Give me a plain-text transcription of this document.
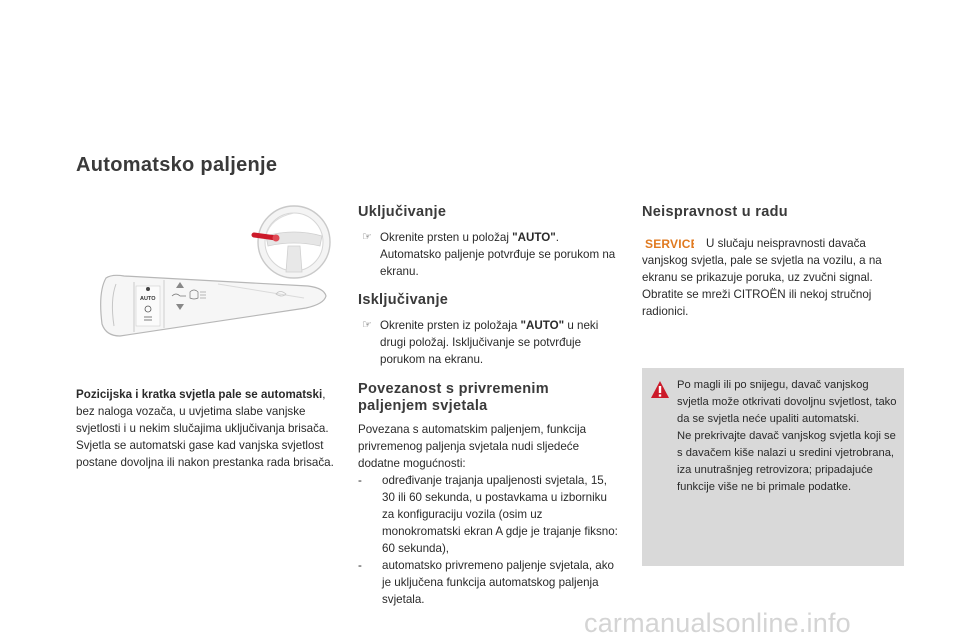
Automatsko paljenje
AUTO
Pozicijska i kratka svjetla pale se automatski, bez naloga vozača, u uvjetima slabe vanjske svjetlosti i u nekim slučajima uključivanja brisača.
Svjetla se automatski gase kad vanjska svjetlost postane dovoljna ili nakon prestanka rada brisača.
Uključivanje
☞ Okrenite prsten u položaj "AUTO". Automatsko paljenje potvrđuje se porukom na ekranu.
Isključivanje
☞ Okrenite prsten iz položaja "AUTO" u neki drugi položaj. Isključivanje se potvrđuje porukom na ekranu.
Povezanost s privremenim
paljenjem svjetala

Povezana s automatskim paljenjem, funkcija privremenog paljenja svjetala nudi sljedeće dodatne mogućnosti:

- određivanje trajanja upaljenosti svjetala, 15, 30 ili 60 sekunda, u postavkama u izborniku za konfiguraciju vozila (osim uz monokromatski ekran A gdje je trajanje fiksno: 60 sekunda),
- automatsko privremeno paljenje svjetala, ako je uključena funkcija automatskog paljenja svjetala.
Neispravnost u radu
SERVICE U slučaju neispravnosti davača vanjskog svjetla, pale se svjetla na vozilu, a na ekranu se prikazuje poruka, uz zvučni signal.
Obratite se mreži CITROËN ili nekoj stručnoj radionici.

Po magli ili po snijegu, davač vanjskog svjetla može otkrivati dovoljnu svjetlost, tako da se svjetla neće upaliti automatski.
Ne prekrivajte davač vanjskog svjetla koji se s davačem kiše nalazi u sredini vjetrobrana, iza unutrašnjeg retrovizora; pripadajuće funkcije više ne bi primale podatke.
carmanualsonline.info
